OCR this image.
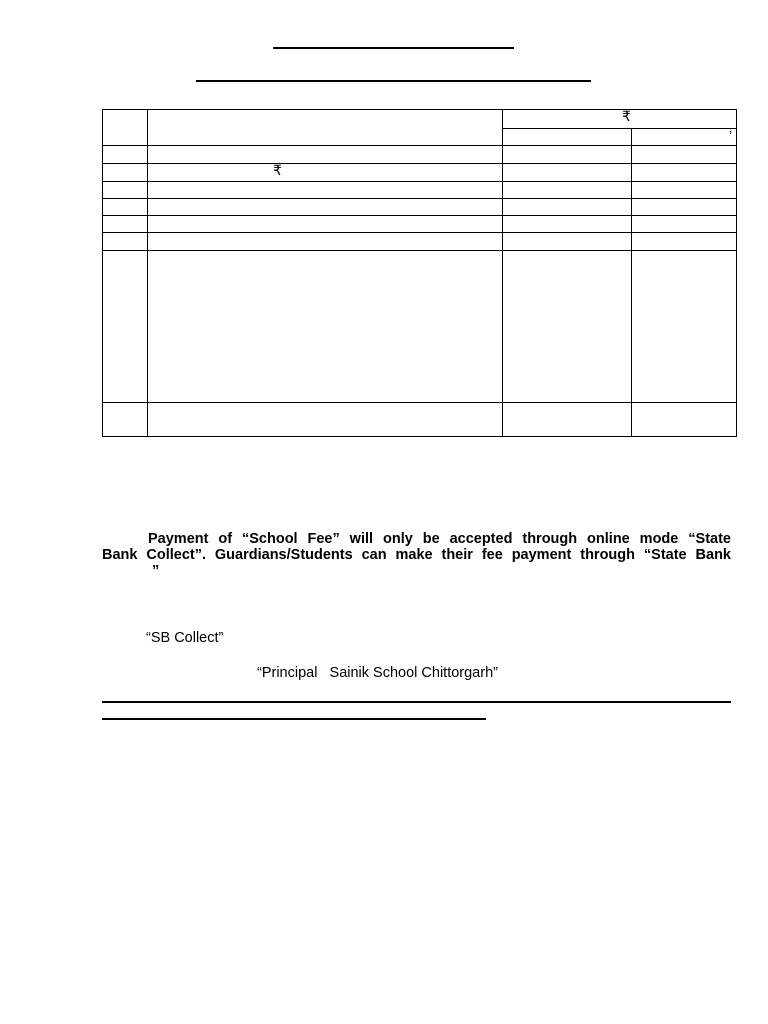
		₹	
			’

	₹		

Payment of “School Fee” will only be accepted through online mode “State
Bank Collect”. Guardians/Students can make their fee payment through “State Bank
”
“SB Collect”
“Principal   Sainik School Chittorgarh”
